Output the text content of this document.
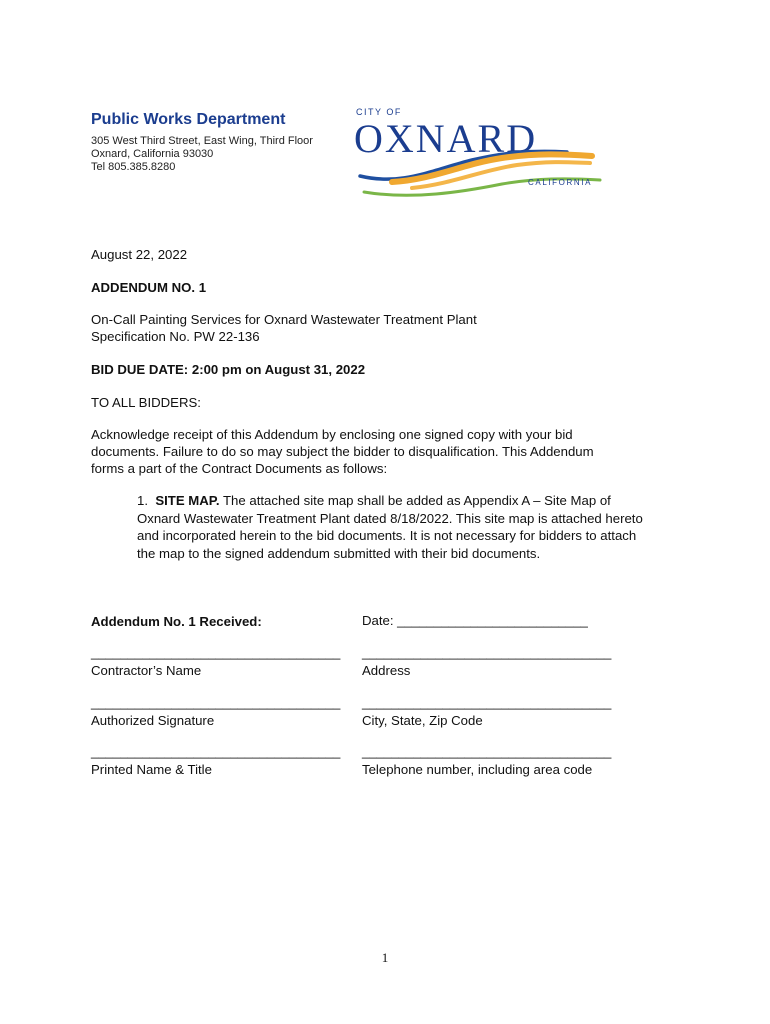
Public Works Department
305 West Third Street, East Wing, Third Floor
Oxnard, California 93030
Tel 805.385.8280
CITY OF
OXNARD
CALIFORNIA
August 22, 2022
ADDENDUM NO. 1
On-Call Painting Services for Oxnard Wastewater Treatment Plant
Specification No. PW 22-136
BID DUE DATE: 2:00 pm on August 31, 2022
TO ALL BIDDERS:
Acknowledge receipt of this Addendum by enclosing one signed copy with your bid
documents. Failure to do so may subject the bidder to disqualification. This Addendum
forms a part of the Contract Documents as follows:
1. SITE MAP. The attached site map shall be added as Appendix A – Site Map of
Oxnard Wastewater Treatment Plant dated 8/18/2022. This site map is attached hereto
and incorporated herein to the bid documents. It is not necessary for bidders to attach
the map to the signed addendum submitted with their bid documents.
Addendum No. 1 Received:	Date: __________________________
__________________________________ __________________________________
Contractor’s Name	Address
__________________________________ __________________________________
Authorized Signature	City, State, Zip Code
__________________________________ __________________________________
Printed Name & Title	Telephone number, including area code
1
